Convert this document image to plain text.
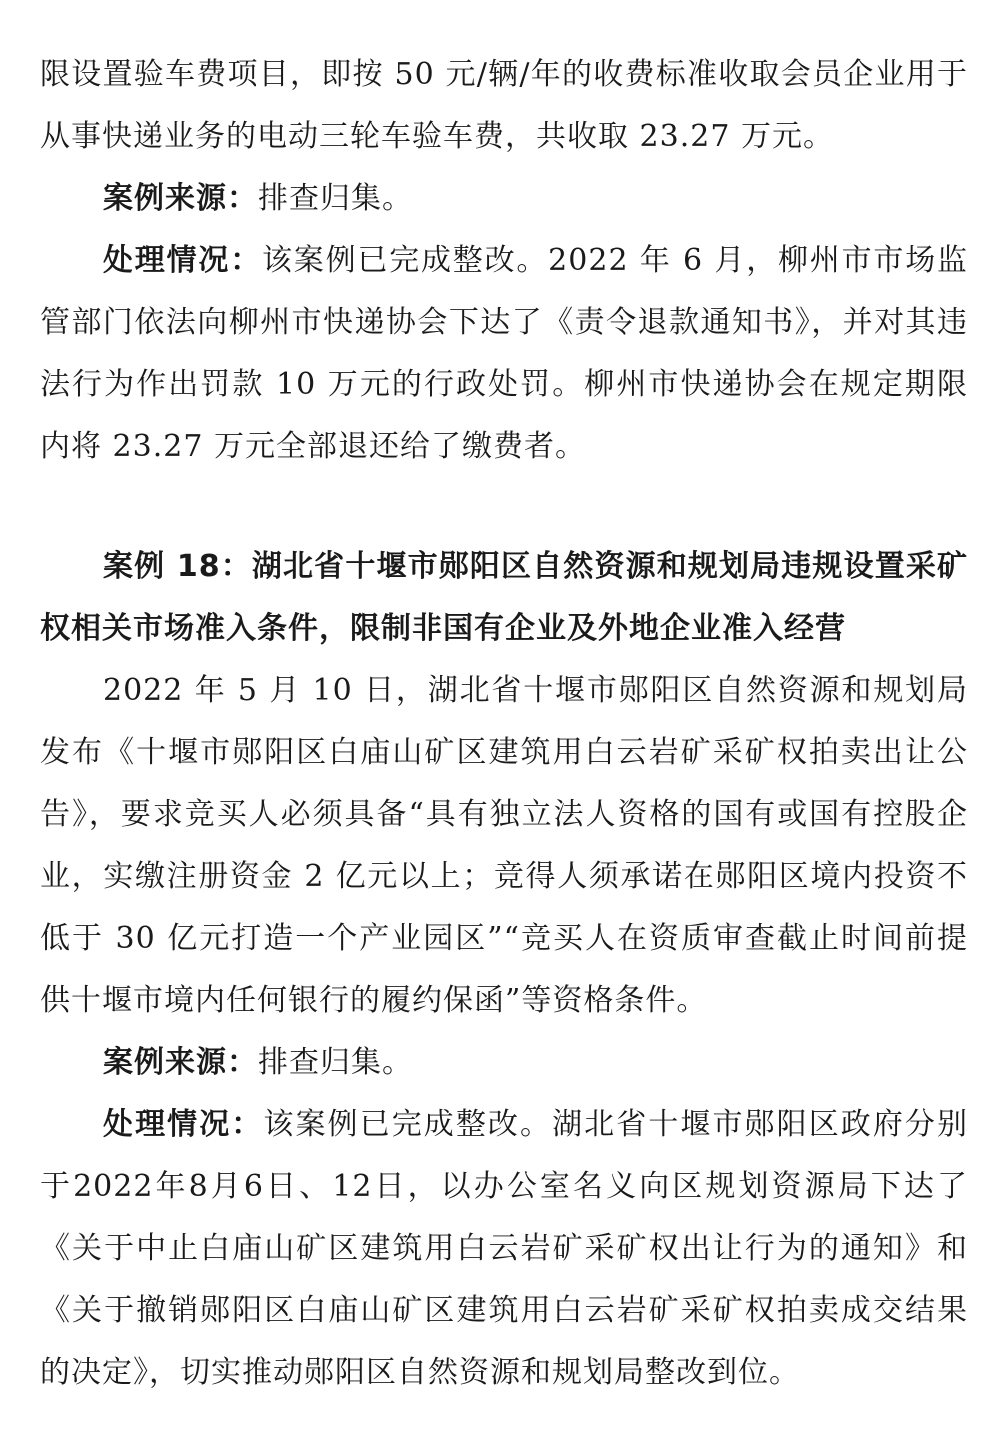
限设置验车费项目，即按 50 元/辆/年的收费标准收取会员企业用于从事快递业务的电动三轮车验车费，共收取 23.27 万元。

案例来源：排查归集。

处理情况：该案例已完成整改。2022 年 6 月，柳州市市场监管部门依法向柳州市快递协会下达了《责令退款通知书》，并对其违法行为作出罚款 10 万元的行政处罚。柳州市快递协会在规定期限内将 23.27 万元全部退还给了缴费者。

案例 18：湖北省十堰市郧阳区自然资源和规划局违规设置采矿权相关市场准入条件，限制非国有企业及外地企业准入经营

2022 年 5 月 10 日，湖北省十堰市郧阳区自然资源和规划局发布《十堰市郧阳区白庙山矿区建筑用白云岩矿采矿权拍卖出让公告》，要求竞买人必须具备“具有独立法人资格的国有或国有控股企业，实缴注册资金 2 亿元以上；竞得人须承诺在郧阳区境内投资不低于 30 亿元打造一个产业园区”“竞买人在资质审查截止时间前提供十堰市境内任何银行的履约保函”等资格条件。

案例来源：排查归集。

处理情况：该案例已完成整改。湖北省十堰市郧阳区政府分别于2022年8月6日、12日，以办公室名义向区规划资源局下达了《关于中止白庙山矿区建筑用白云岩矿采矿权出让行为的通知》和《关于撤销郧阳区白庙山矿区建筑用白云岩矿采矿权拍卖成交结果的决定》，切实推动郧阳区自然资源和规划局整改到位。
